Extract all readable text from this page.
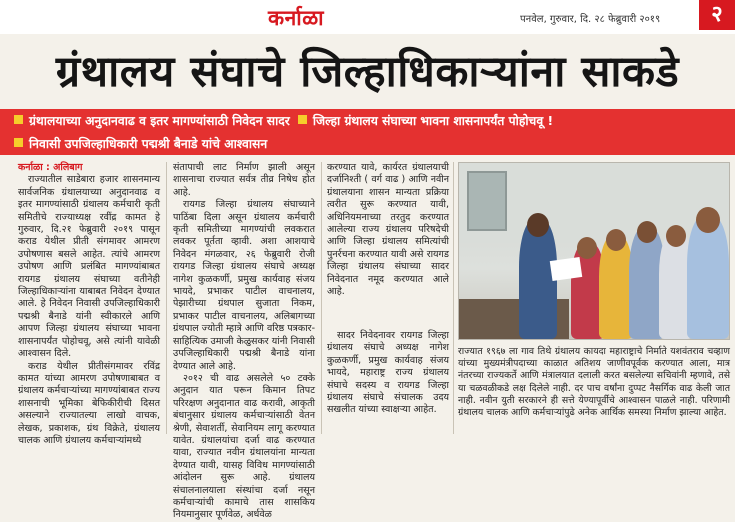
कर्नाळा	पनवेल, गुरुवार, दि. २८ फेब्रुवारी २०१९	२
ग्रंथालय संघाचे जिल्हाधिकाऱ्यांना साकडे
ग्रंथालयाच्या अनुदानवाढ व इतर मागण्यांसाठी निवेदन सादर जिल्हा ग्रंथालय संघाच्या भावना शासनापर्यंत पोहोचवू !
निवासी उपजिल्हाधिकारी पद्मश्री बैनाडे यांचे आश्वासन

कर्नाळा : अलिबाग

राज्यातील साडेबारा हजार शासनमान्य सार्वजनिक ग्रंथालयाच्या अनुदानवाढ व इतर मागण्यांसाठी ग्रंथालय कर्मचारी कृती समितीचे राज्याध्यक्ष रवींद्र कामत हे गुरुवार, दि.२१ फेब्रुवारी २०१९ पासून कराड येथील प्रीती संगमावर आमरण उपोषणास बसले आहेत. त्यांचे आमरण उपोषण आणि प्रलंबित मागण्यांबाबत रायगड ग्रंथालय संघाच्या वतीनेही जिल्हाधिकाऱ्यांना याबाबत निवेदन देण्यात आले. हे निवेदन निवासी उपजिल्हाधिकारी पद्मश्री बैनाडे यांनी स्वीकारले आणि आपण जिल्हा ग्रंथालय संघाच्या भावना शासनापर्यंत पोहोचवू, असे त्यांनी यावेळी आश्वासन दिले.

कराड येथील प्रीतीसंगमावर रविंद्र कामत यांच्या आमरण उपोषणाबाबत व ग्रंथालय कर्मचाऱ्यांच्या मागण्यांबाबत राज्य शासनाची भूमिका बेफिकीरीची दिसत असल्याने राज्यातल्या लाखो वाचक, लेखक, प्रकाशक, ग्रंथ विक्रेते, ग्रंथालय चालक आणि ग्रंथालय कर्मचाऱ्यांमध्ये

संतापाची लाट निर्माण झाली असून शासनाचा राज्यात सर्वत्र तीव्र निषेध होत आहे.

रायगड जिल्हा ग्रंथालय संघाच्याने पाठिंबा दिला असून ग्रंथालय कर्मचारी कृती समितीच्या मागण्यांची लवकरात लवकर पूर्तता व्हावी. अशा आशयाचे निवेदन मंगळवार, २६ फेब्रुवारी रोजी रायगड जिल्हा ग्रंथालय संघाचे अध्यक्ष नागेश कुळकर्णी, प्रमुख कार्यवाह संजय भायदे, प्रभाकर पाटील वाचनालय, पेझारीच्या ग्रंथपाल सुजाता निकम, प्रभाकर पाटील वाचनालय, अलिबागच्या ग्रंथपाल ज्योती म्हात्रे आणि वरिष्ठ पत्रकार-साहित्यिक उमाजी केळुसकर यांनी निवासी उपजिल्हाधिकारी पद्मश्री बैनाडे यांना देण्यात आले आहे.

२०१२ ची वाढ असलेले ५० टक्के अनुदान यात परून किमान तिपट परिरक्षण अनुदानात वाढ करावी, आकृती बंधानुसार ग्रंथालय कर्मचाऱ्यांसाठी वेतन श्रेणी, सेवाशर्ती, सेवानियम लागू करण्यात यावेत. ग्रंथालयांचा दर्जा वाढ करण्यात यावा, राज्यात नवीन ग्रंथालयांना मान्यता देण्यात यावी, यासह विविध मागण्यांसाठी आंदोलन सुरू आहे. ग्रंथालय संचालनालयाला संस्थांचा दर्जा नसून कर्मचाऱ्यांची कामाचे तास शासकिय नियमानुसार पूर्णवेळ, अर्धवेळ

करण्यात यावे, कार्यरत ग्रंथालयाची दर्जानिश्ती ( वर्ग वाढ ) आणि नवीन ग्रंथालयाना शासन मान्यता प्रक्रिया त्वरीत सुरू करण्यात यावी, अधिनियमनाच्या तरतुद करण्यात आलेल्या राज्य ग्रंथालय परिषदेची आणि जिल्हा ग्रंथालय समित्यांची पुनर्रचना करण्यात यावी असे रायगड जिल्हा ग्रंथालय संघाच्या सादर निवेदनात नमूद करण्यात आले आहे.

सादर निवेदनावर रायगड जिल्हा ग्रंथालय संघाचे अध्यक्ष नागेश कुळकर्णी, प्रमुख कार्यवाह संजय भायदे, महाराष्ट्र राज्य ग्रंथालय संघाचे सदस्य व रायगड जिल्हा ग्रंथालय संघाचे संचालक उदय सखलीत यांच्या स्वाक्षऱ्या आहेत.

राज्यात १९६७ ला गाव तिथे ग्रंथालय कायदा महाराष्ट्राचे निर्माते यशवंतराव चव्हाण यांच्या मुख्यमंत्रीपदाच्या काळात अतिशय जाणीवपूर्वक करण्यात आला, मात्र नंतरच्या राज्यकर्ते आणि मंत्रालयात दलाली करत बसलेल्या सचिवांनी म्हणावे, तसे या चळवळीकडे लक्ष दिलेले नाही. दर पाच वर्षांना दुप्पट नैसर्गिक वाढ केली जात नाही. नवीन युती सरकारने ही सत्ते येण्यापूर्वीचे आश्वासन पाळले नाही. परिणामी ग्रंथालय चालक आणि कर्मचाऱ्यांपुढे अनेक आर्थिक समस्या निर्माण झाल्या आहेत.
